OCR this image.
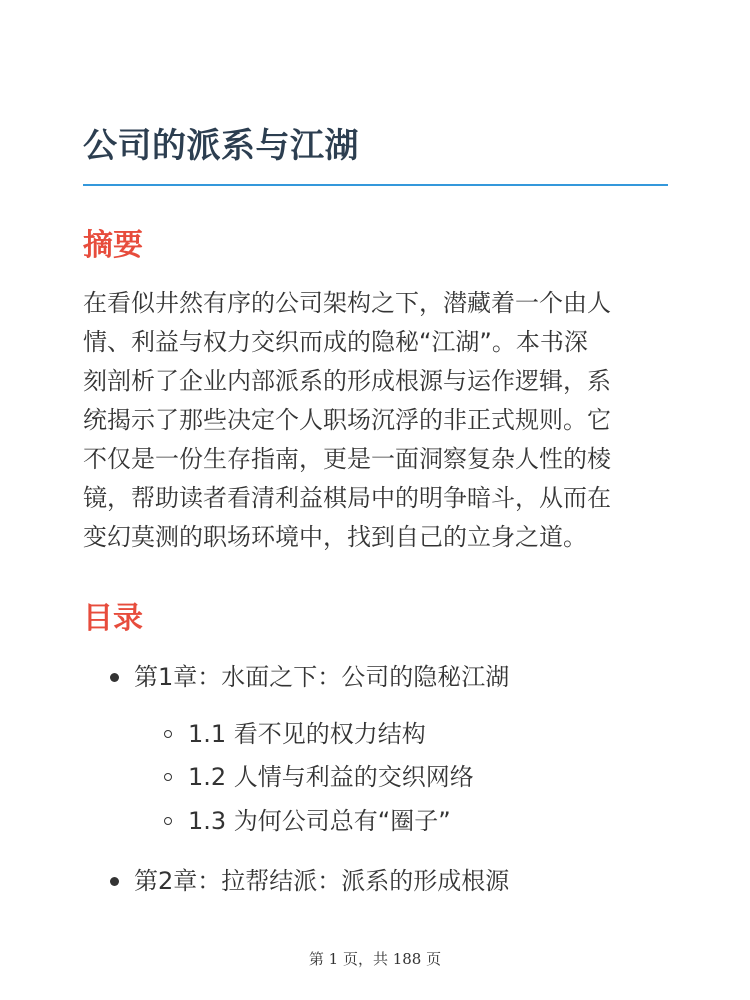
公司的派系与江湖
摘要

在看似井然有序的公司架构之下，潜藏着一个由人
情、利益与权力交织而成的隐秘“江湖”。本书深
刻剖析了企业内部派系的形成根源与运作逻辑，系
统揭示了那些决定个人职场沉浮的非正式规则。它
不仅是一份生存指南，更是一面洞察复杂人性的棱
镜，帮助读者看清利益棋局中的明争暗斗，从而在
变幻莫测的职场环境中，找到自己的立身之道。

目录
第1章：水面之下：公司的隐秘江湖
1.1 看不见的权力结构
1.2 人情与利益的交织网络
1.3 为何公司总有“圈子”
第2章：拉帮结派：派系的形成根源
第 1 页，共 188 页
